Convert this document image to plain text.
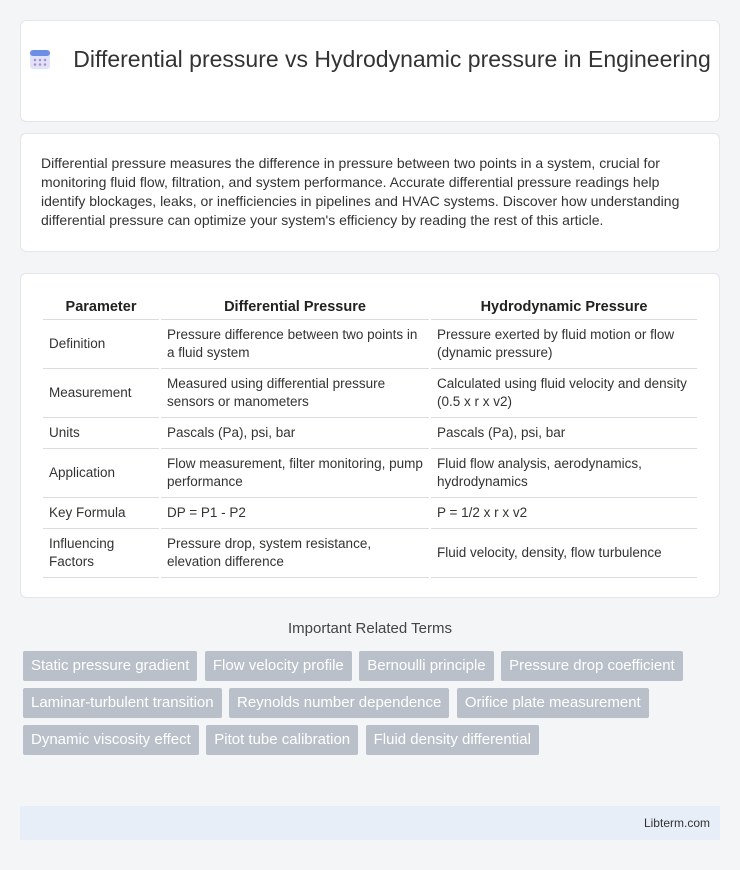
Differential pressure vs Hydrodynamic pressure in Engineering

Differential pressure measures the difference in pressure between two points in a system, crucial for monitoring fluid flow, filtration, and system performance. Accurate differential pressure readings help identify blockages, leaks, or inefficiencies in pipelines and HVAC systems. Discover how understanding differential pressure can optimize your system's efficiency by reading the rest of this article.

Parameter	Differential Pressure	Hydrodynamic Pressure
Definition	Pressure difference between two points in a fluid system	Pressure exerted by fluid motion or flow (dynamic pressure)
Measurement	Measured using differential pressure sensors or manometers	Calculated using fluid velocity and density (0.5 x r x v2)
Units	Pascals (Pa), psi, bar	Pascals (Pa), psi, bar
Application	Flow measurement, filter monitoring, pump performance	Fluid flow analysis, aerodynamics, hydrodynamics
Key Formula	DP = P1 - P2	P = 1/2 x r x v2
Influencing Factors	Pressure drop, system resistance, elevation difference	Fluid velocity, density, flow turbulence
Important Related Terms
Static pressure gradient Flow velocity profile Bernoulli principle Pressure drop coefficient Laminar-turbulent transition Reynolds number dependence Orifice plate measurement Dynamic viscosity effect Pitot tube calibration Fluid density differential
Libterm.com
